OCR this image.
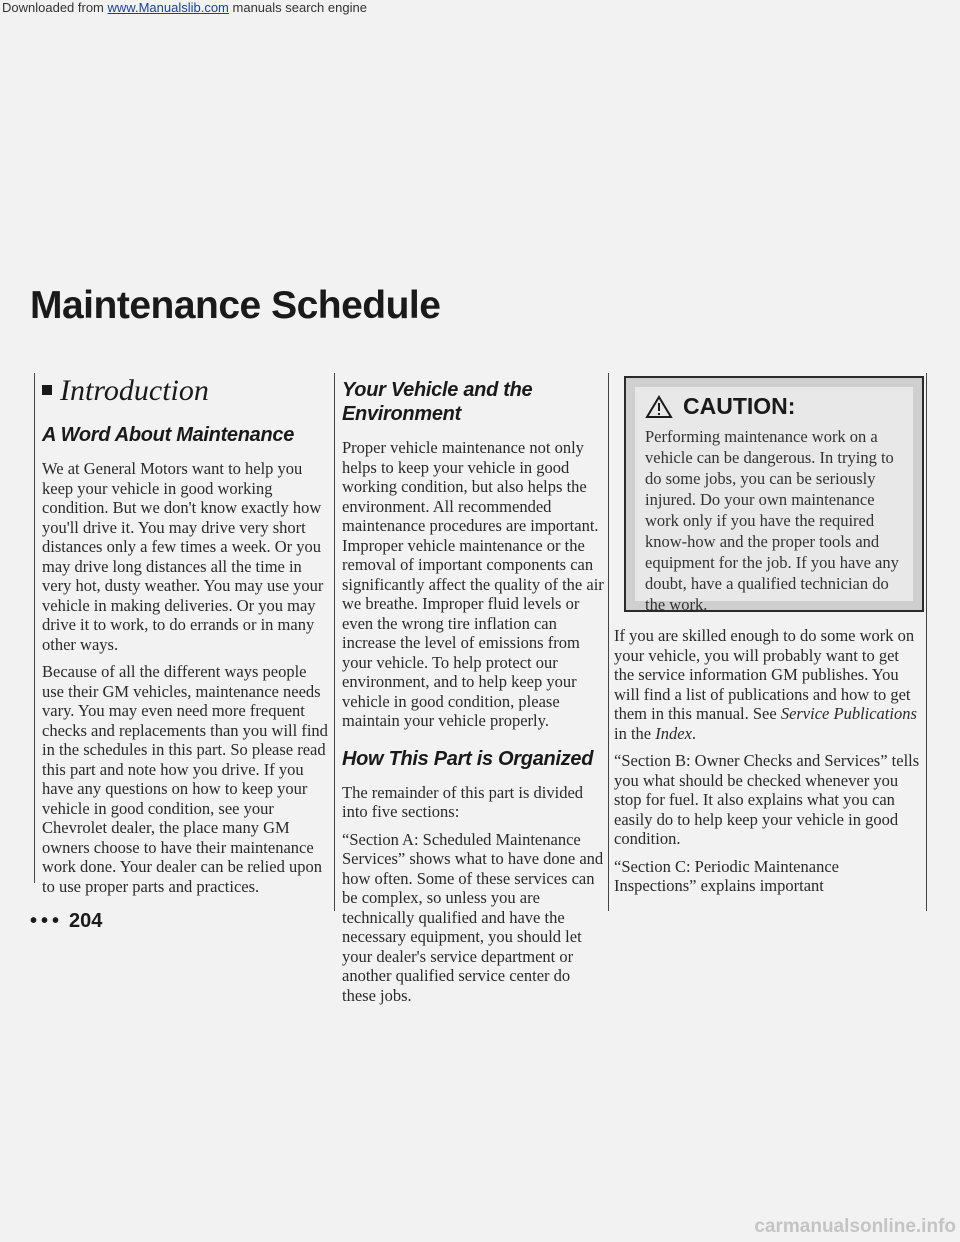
Downloaded from www.Manualslib.com manuals search engine
Maintenance Schedule
Introduction
A Word About Maintenance

We at General Motors want to help you keep your vehicle in good working condition. But we don't know exactly how you'll drive it. You may drive very short distances only a few times a week. Or you may drive long distances all the time in very hot, dusty weather. You may use your vehicle in making deliveries. Or you may drive it to work, to do errands or in many other ways.

Because of all the different ways people use their GM vehicles, maintenance needs vary. You may even need more frequent checks and replacements than you will find in the schedules in this part. So please read this part and note how you drive. If you have any questions on how to keep your vehicle in good condition, see your Chevrolet dealer, the place many GM owners choose to have their maintenance work done. Your dealer can be relied upon to use proper parts and practices.

Your Vehicle and the Environment

Proper vehicle maintenance not only helps to keep your vehicle in good working condition, but also helps the environment. All recommended maintenance procedures are important. Improper vehicle maintenance or the removal of important components can significantly affect the quality of the air we breathe. Improper fluid levels or even the wrong tire inflation can increase the level of emissions from your vehicle. To help protect our environment, and to help keep your vehicle in good condition, please maintain your vehicle properly.

How This Part is Organized

The remainder of this part is divided into five sections:

“Section A: Scheduled Maintenance Services” shows what to have done and how often. Some of these services can be complex, so unless you are technically qualified and have the necessary equipment, you should let your dealer's service department or another qualified service center do these jobs.

CAUTION:

Performing maintenance work on a vehicle can be dangerous. In trying to do some jobs, you can be seriously injured. Do your own maintenance work only if you have the required know-how and the proper tools and equipment for the job. If you have any doubt, have a qualified technician do the work.

If you are skilled enough to do some work on your vehicle, you will probably want to get the service information GM publishes. You will find a list of publications and how to get them in this manual. See Service Publications in the Index.

“Section B: Owner Checks and Services” tells you what should be checked whenever you stop for fuel. It also explains what you can easily do to help keep your vehicle in good condition.

“Section C: Periodic Maintenance Inspections” explains important

••• 204
carmanualsonline.info
